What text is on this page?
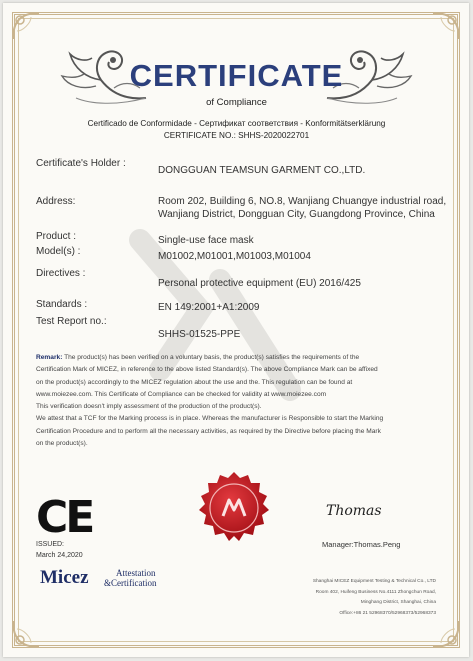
CERTIFICATE
of Compliance
Certificado de Conformidade - Сертификат соответствия - Konformitätserklärung
CERTIFICATE NO.: SHHS-2020022701
Certificate's Holder :
DONGGUAN TEAMSUN GARMENT CO.,LTD.
Address:	Room 202, Building 6, NO.8, Wanjiang Chuangye industrial road, Wanjiang District, Dongguan City, Guangdong Province, China
Product :	Single-use face mask
Model(s) :	M01002,M01001,M01003,M01004
Directives :
Personal protective equipment (EU) 2016/425
Standards :	EN 149:2001+A1:2009
Test Report no.:
SHHS-01525-PPE
Remark: The product(s) has been verified on a voluntary basis, the product(s) satisfies the requirements of the
Certification Mark of MICEZ, in reference to the above listed Standard(s). The above Compliance Mark can be affixed
on the product(s) accordingly to the MICEZ regulation about the use and the. This regulation can be found at
www.moiezee.com. This Certificate of Compliance can be checked for validity at www.moiezee.com
This verification doesn't imply assessment of the production of the product(s).
We attest that a TCF for the Marking process is in place. Whereas the manufacturer is Responsible to start the Marking
Certification Procedure and to perform all the necessary activities, as required by the Directive before placing the Mark
on the product(s).
CE	Thomas
Manager:Thomas.Peng
ISSUED:
March 24,2020
Micez	Attestation
&Certification	Shanghai MICEZ Equipment Testing & Technical Co., LTD
Room 402, Huifeng Business No.4111 Zhongchun Road,
Minghang District, Shanghai, China
Office:+86 21 52968370/52968373/52968373
